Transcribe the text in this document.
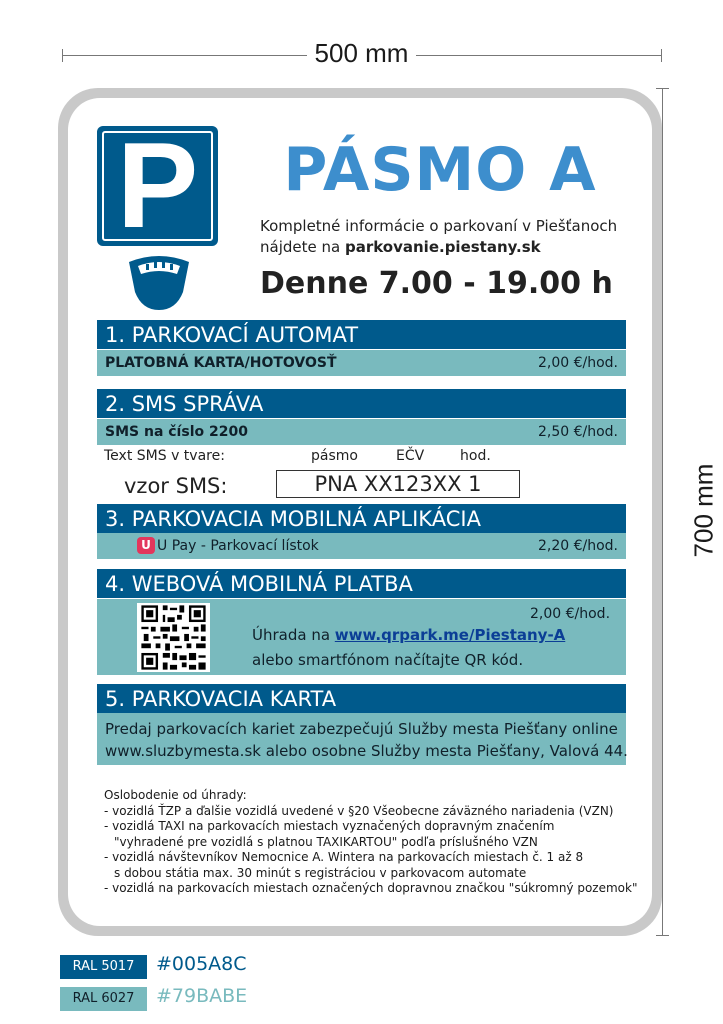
500 mm
700 mm
P	PÁSMO A
Kompletné informácie o parkovaní v Piešťanoch
nájdete na parkovanie.piestany.sk
Denne 7.00 - 19.00 h
1. PARKOVACÍ AUTOMAT
PLATOBNÁ KARTA/HOTOVOSŤ	2,00 €/hod.
2. SMS SPRÁVA
SMS na číslo 2200	2,50 €/hod.
Text SMS v tvare:	pásmo	EČV	hod.
vzor SMS:	PNA XX123XX 1
3. PARKOVACIA MOBILNÁ APLIKÁCIA
U Pay - Parkovací lístok	2,20 €/hod.
U
4. WEBOVÁ MOBILNÁ PLATBA
2,00 €/hod.
Úhrada na www.qrpark.me/Piestany-A
alebo smartfónom načítajte QR kód.
5. PARKOVACIA KARTA
Predaj parkovacích kariet zabezpečujú Služby mesta Piešťany online
www.sluzbymesta.sk alebo osobne Služby mesta Piešťany, Valová 44.
Oslobodenie od úhrady:
- vozidlá ŤZP a ďalšie vozidlá uvedené v §20 Všeobecne záväzného nariadenia (VZN)
- vozidlá TAXI na parkovacích miestach vyznačených dopravným značením
"vyhradené pre vozidlá s platnou TAXIKARTOU" podľa príslušného VZN
- vozidlá návštevníkov Nemocnice A. Wintera na parkovacích miestach č. 1 až 8
s dobou státia max. 30 minút s registráciou v parkovacom automate
- vozidlá na parkovacích miestach označených dopravnou značkou "súkromný pozemok"
RAL 5017	#005A8C
RAL 6027	#79BABE
